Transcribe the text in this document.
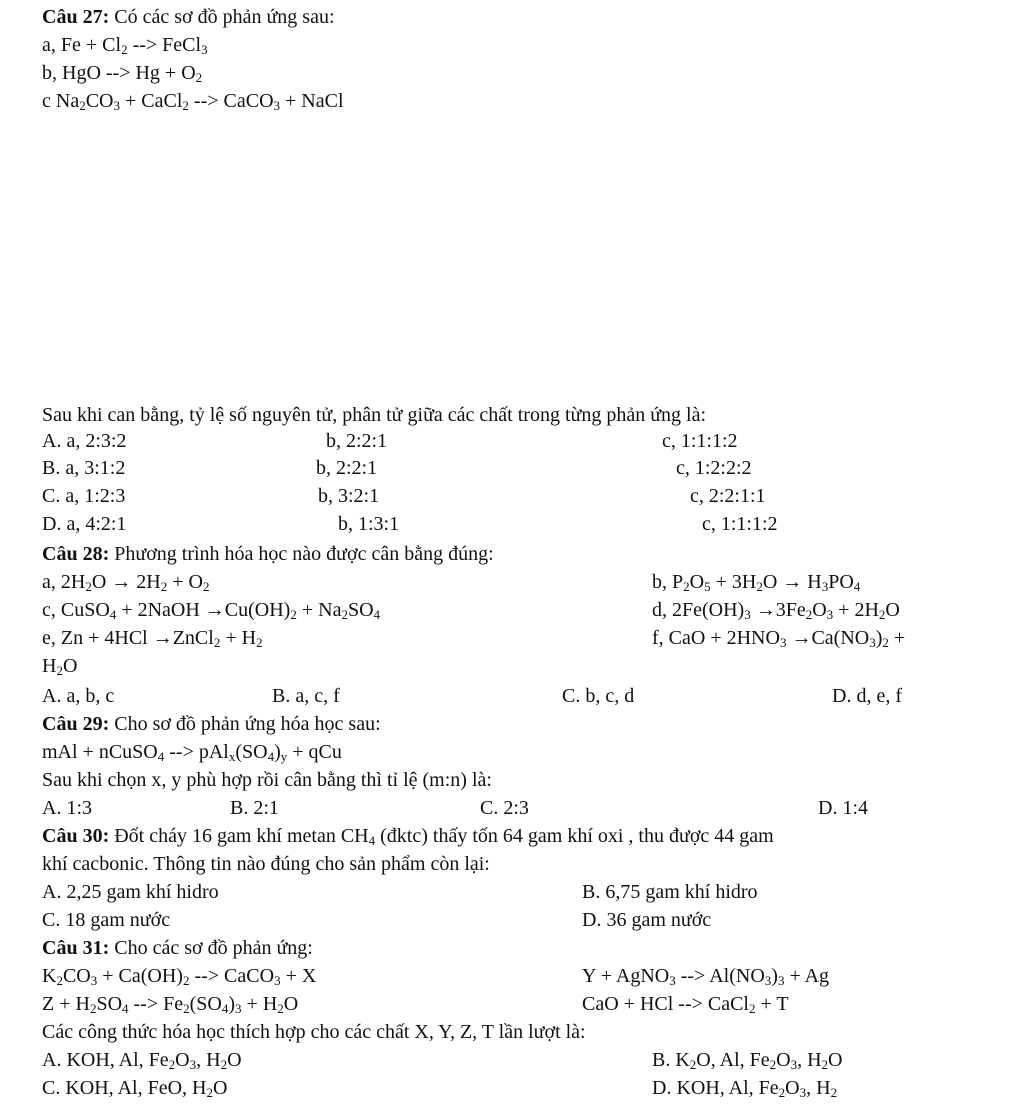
Câu 27: Có các sơ đồ phản ứng sau:
a, $Fe + Cl_2$ --> FeCl$_3$
b, HgO --> $Hg + O_2$
c $Na_2CO_3$ + CaCl$_2$ --> CaCO$_3$ + NaCl
Sau khi can bằng, tỷ lệ số nguyên tử, phân tử giữa các chất trong từng phản ứng là:
A. a, 2:3:2	b, 2:2:1	c, 1:1:1:2
B. a, 3:1:2	b, 2:2:1	c, 1:2:2:2
C. a, 1:2:3	b, 3:2:1	c, 2:2:1:1
D. a, 4:2:1	b, 1:3:1	c, 1:1:1:2
Câu 28: Phương trình hóa học nào được cân bằng đúng:
a, $2H_2O \to 2H_2 + O_2$	b, $P_2O_5 + 3H_2O \to H_3PO_4$
c, CuSO$_4$ + 2NaOH $\to Cu(OH)_2 + Na_2SO_4$	d, $2Fe(OH)_3 \to 3Fe_2O_3 + 2H_2O$
e, Zn + 4HCl →ZnCl$_2$ + $H_2$	f, CaO + $2HNO_3 \to Ca(NO_3)_2$ +
$H_2O$
A. a, b, c	B. a, c, f	C. b, c, d	D. d, e, f
Câu 29: Cho sơ đồ phản ứng hóa học sau:
mAl + nCuSO$_4$ --> $pAl_x(SO_4)_y$ + qCu
Sau khi chọn x, y phù hợp rồi cân bằng thì tỉ lệ (m:n) là:
A. 1:3	B. 2:1	C. 2:3	D. 1:4
Câu 30: Đốt cháy 16 gam khí metan $CH_4$ (đktc) thấy tốn 64 gam khí oxi , thu được 44 gam
khí cacbonic. Thông tin nào đúng cho sản phẩm còn lại:
A. 2,25 gam khí hidro	B. 6,75 gam khí hidro
C. 18 gam nước	D. 36 gam nước
Câu 31: Cho các sơ đồ phản ứng:
$K_2CO_3 + Ca(OH)_2$ --> CaCO$_3$ + X	Y + AgNO$_3$ --> $Al(NO_3)_3 + Ag$
$Z + H_2SO_4$ --> $Fe_2(SO_4)_3 + H_2O$	CaO + HCl --> CaCl$_2$ + T
Các công thức hóa học thích hợp cho các chất X, Y, Z, T lần lượt là:
A. KOH, Al, $Fe_2O_3$, $H_2O$	B. $K_2O$, Al, $Fe_2O_3$, $H_2O$
C. KOH, Al, FeO, $H_2O$	D. KOH, Al, $Fe_2O_3$, $H_2$
